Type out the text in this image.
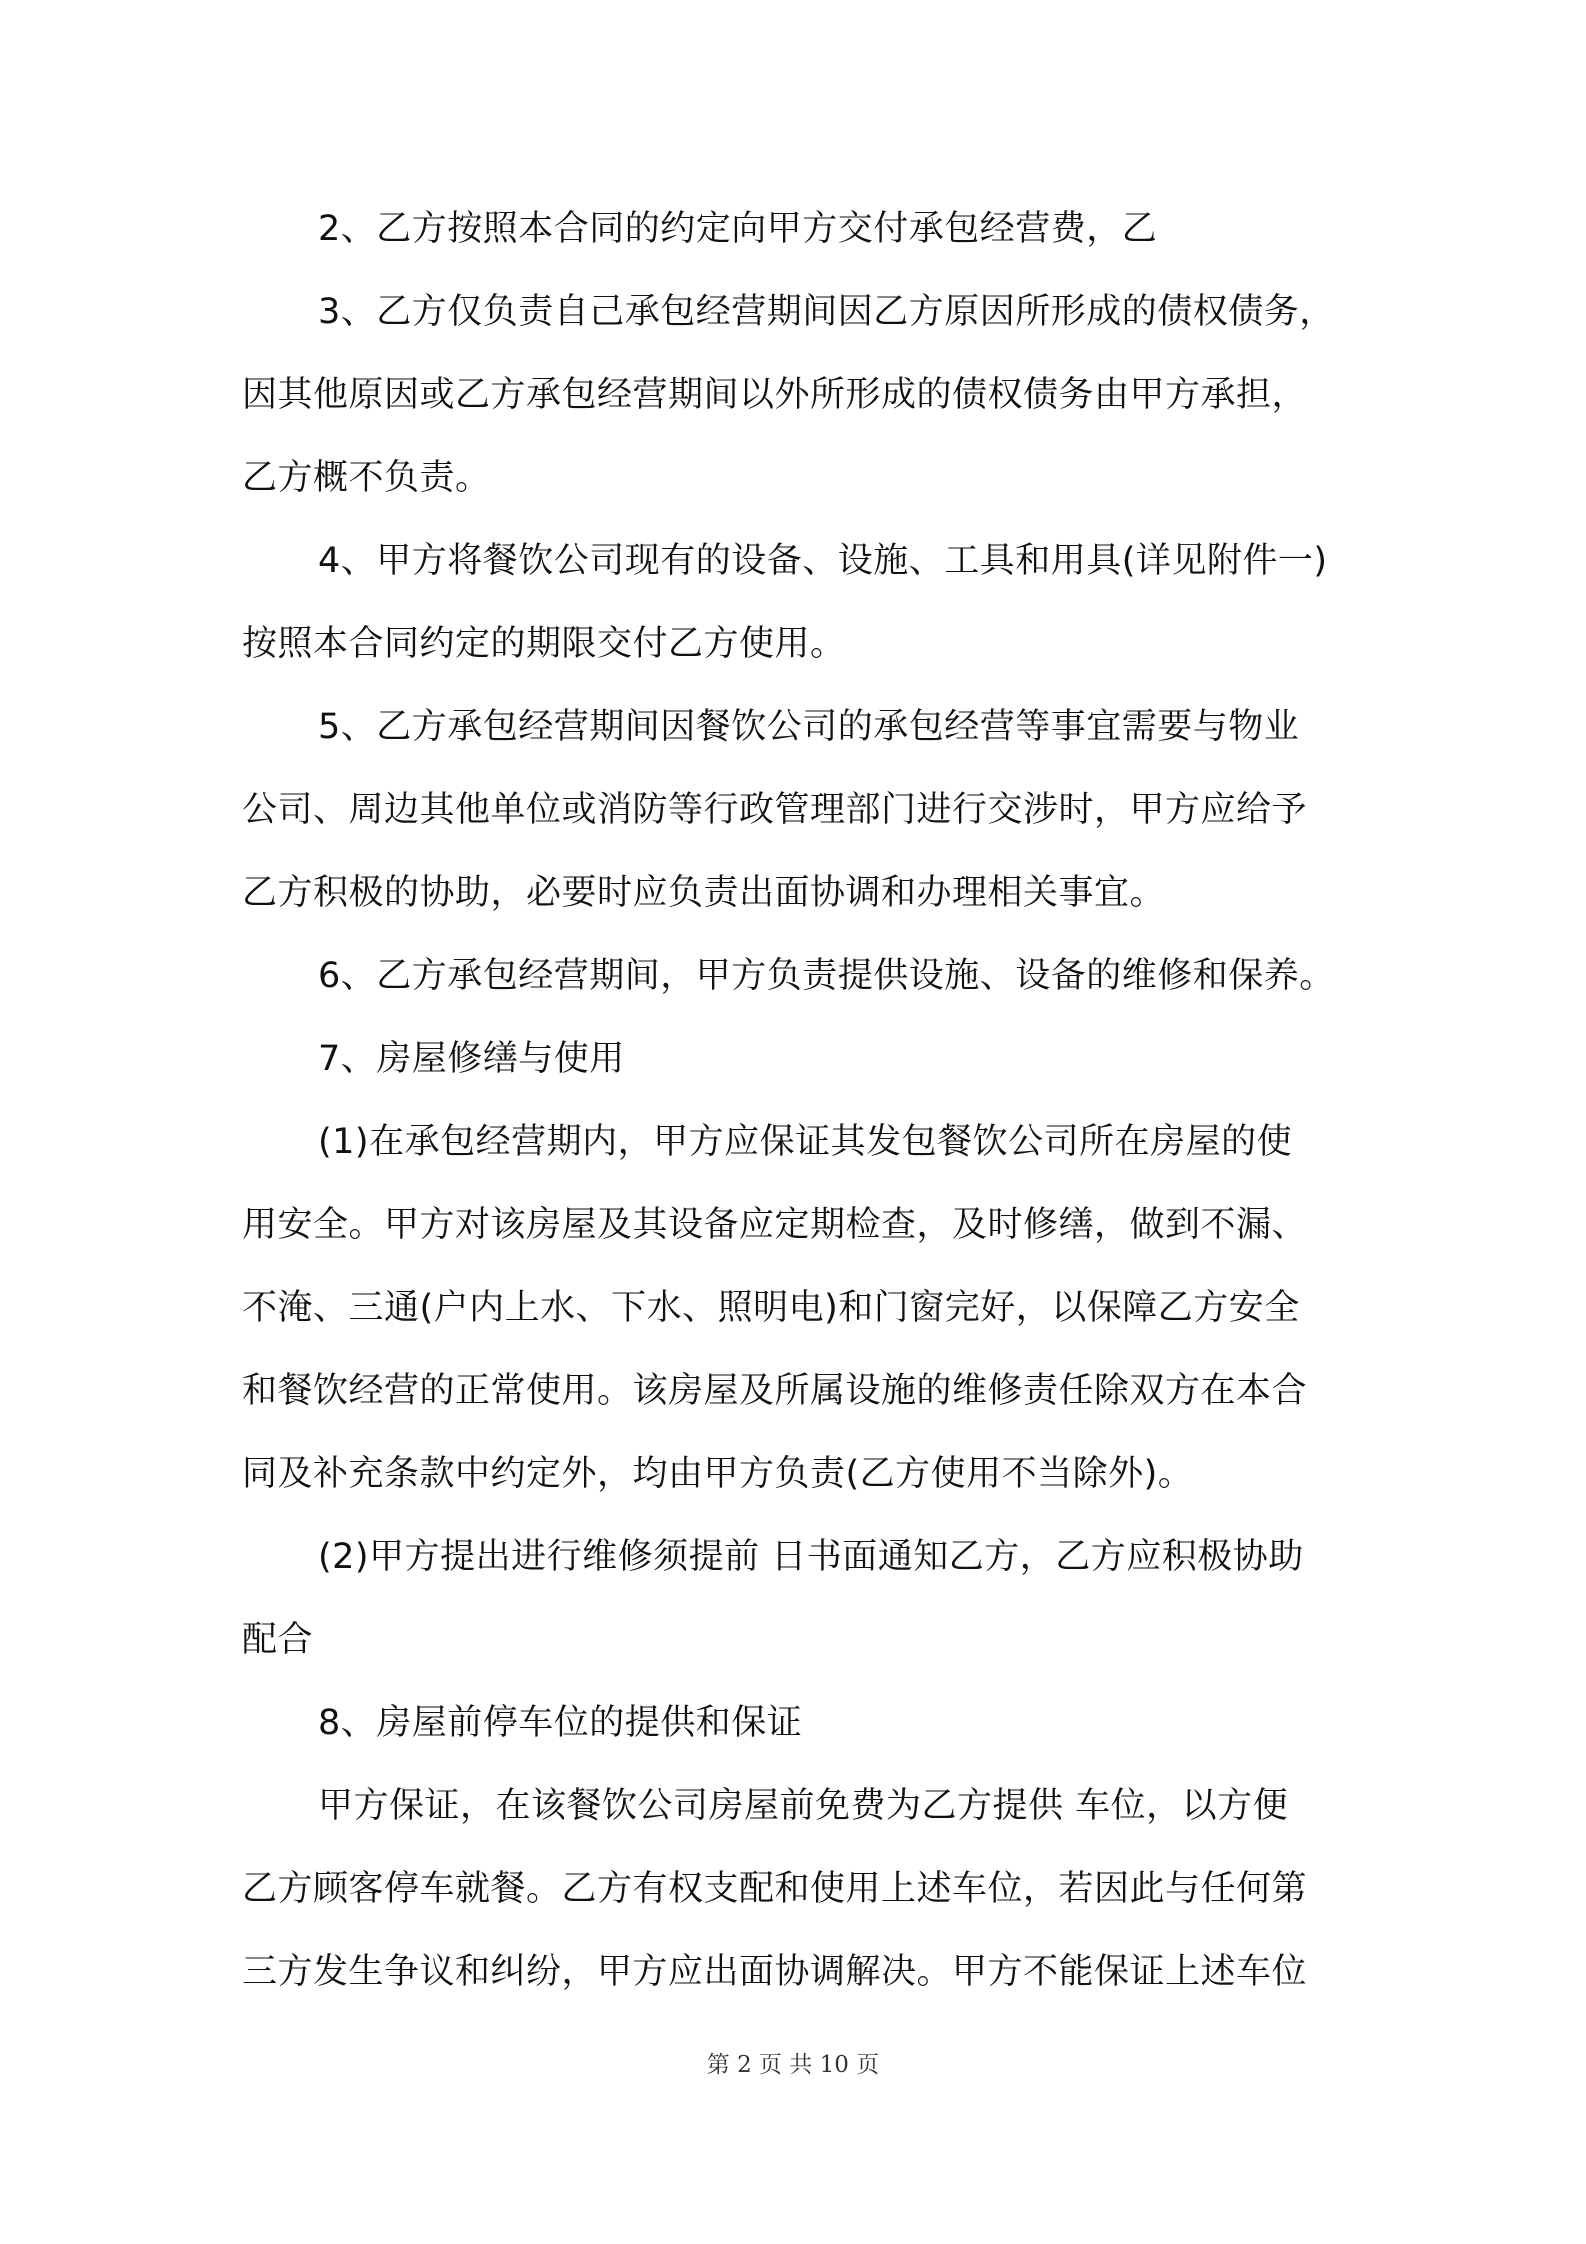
2、乙方按照本合同的约定向甲方交付承包经营费，乙
3、乙方仅负责自己承包经营期间因乙方原因所形成的债权债务，
因其他原因或乙方承包经营期间以外所形成的债权债务由甲方承担，
乙方概不负责。
4、甲方将餐饮公司现有的设备、设施、工具和用具(详见附件一)
按照本合同约定的期限交付乙方使用。
5、乙方承包经营期间因餐饮公司的承包经营等事宜需要与物业
公司、周边其他单位或消防等行政管理部门进行交涉时，甲方应给予
乙方积极的协助，必要时应负责出面协调和办理相关事宜。
6、乙方承包经营期间，甲方负责提供设施、设备的维修和保养。
7、房屋修缮与使用
(1)在承包经营期内，甲方应保证其发包餐饮公司所在房屋的使
用安全。甲方对该房屋及其设备应定期检查，及时修缮，做到不漏、
不淹、三通(户内上水、下水、照明电)和门窗完好，以保障乙方安全
和餐饮经营的正常使用。该房屋及所属设施的维修责任除双方在本合
同及补充条款中约定外，均由甲方负责(乙方使用不当除外)。
(2)甲方提出进行维修须提前 日书面通知乙方，乙方应积极协助
配合
8、房屋前停车位的提供和保证
甲方保证，在该餐饮公司房屋前免费为乙方提供 车位，以方便
乙方顾客停车就餐。乙方有权支配和使用上述车位，若因此与任何第
三方发生争议和纠纷，甲方应出面协调解决。甲方不能保证上述车位
第 2 页 共 10 页
